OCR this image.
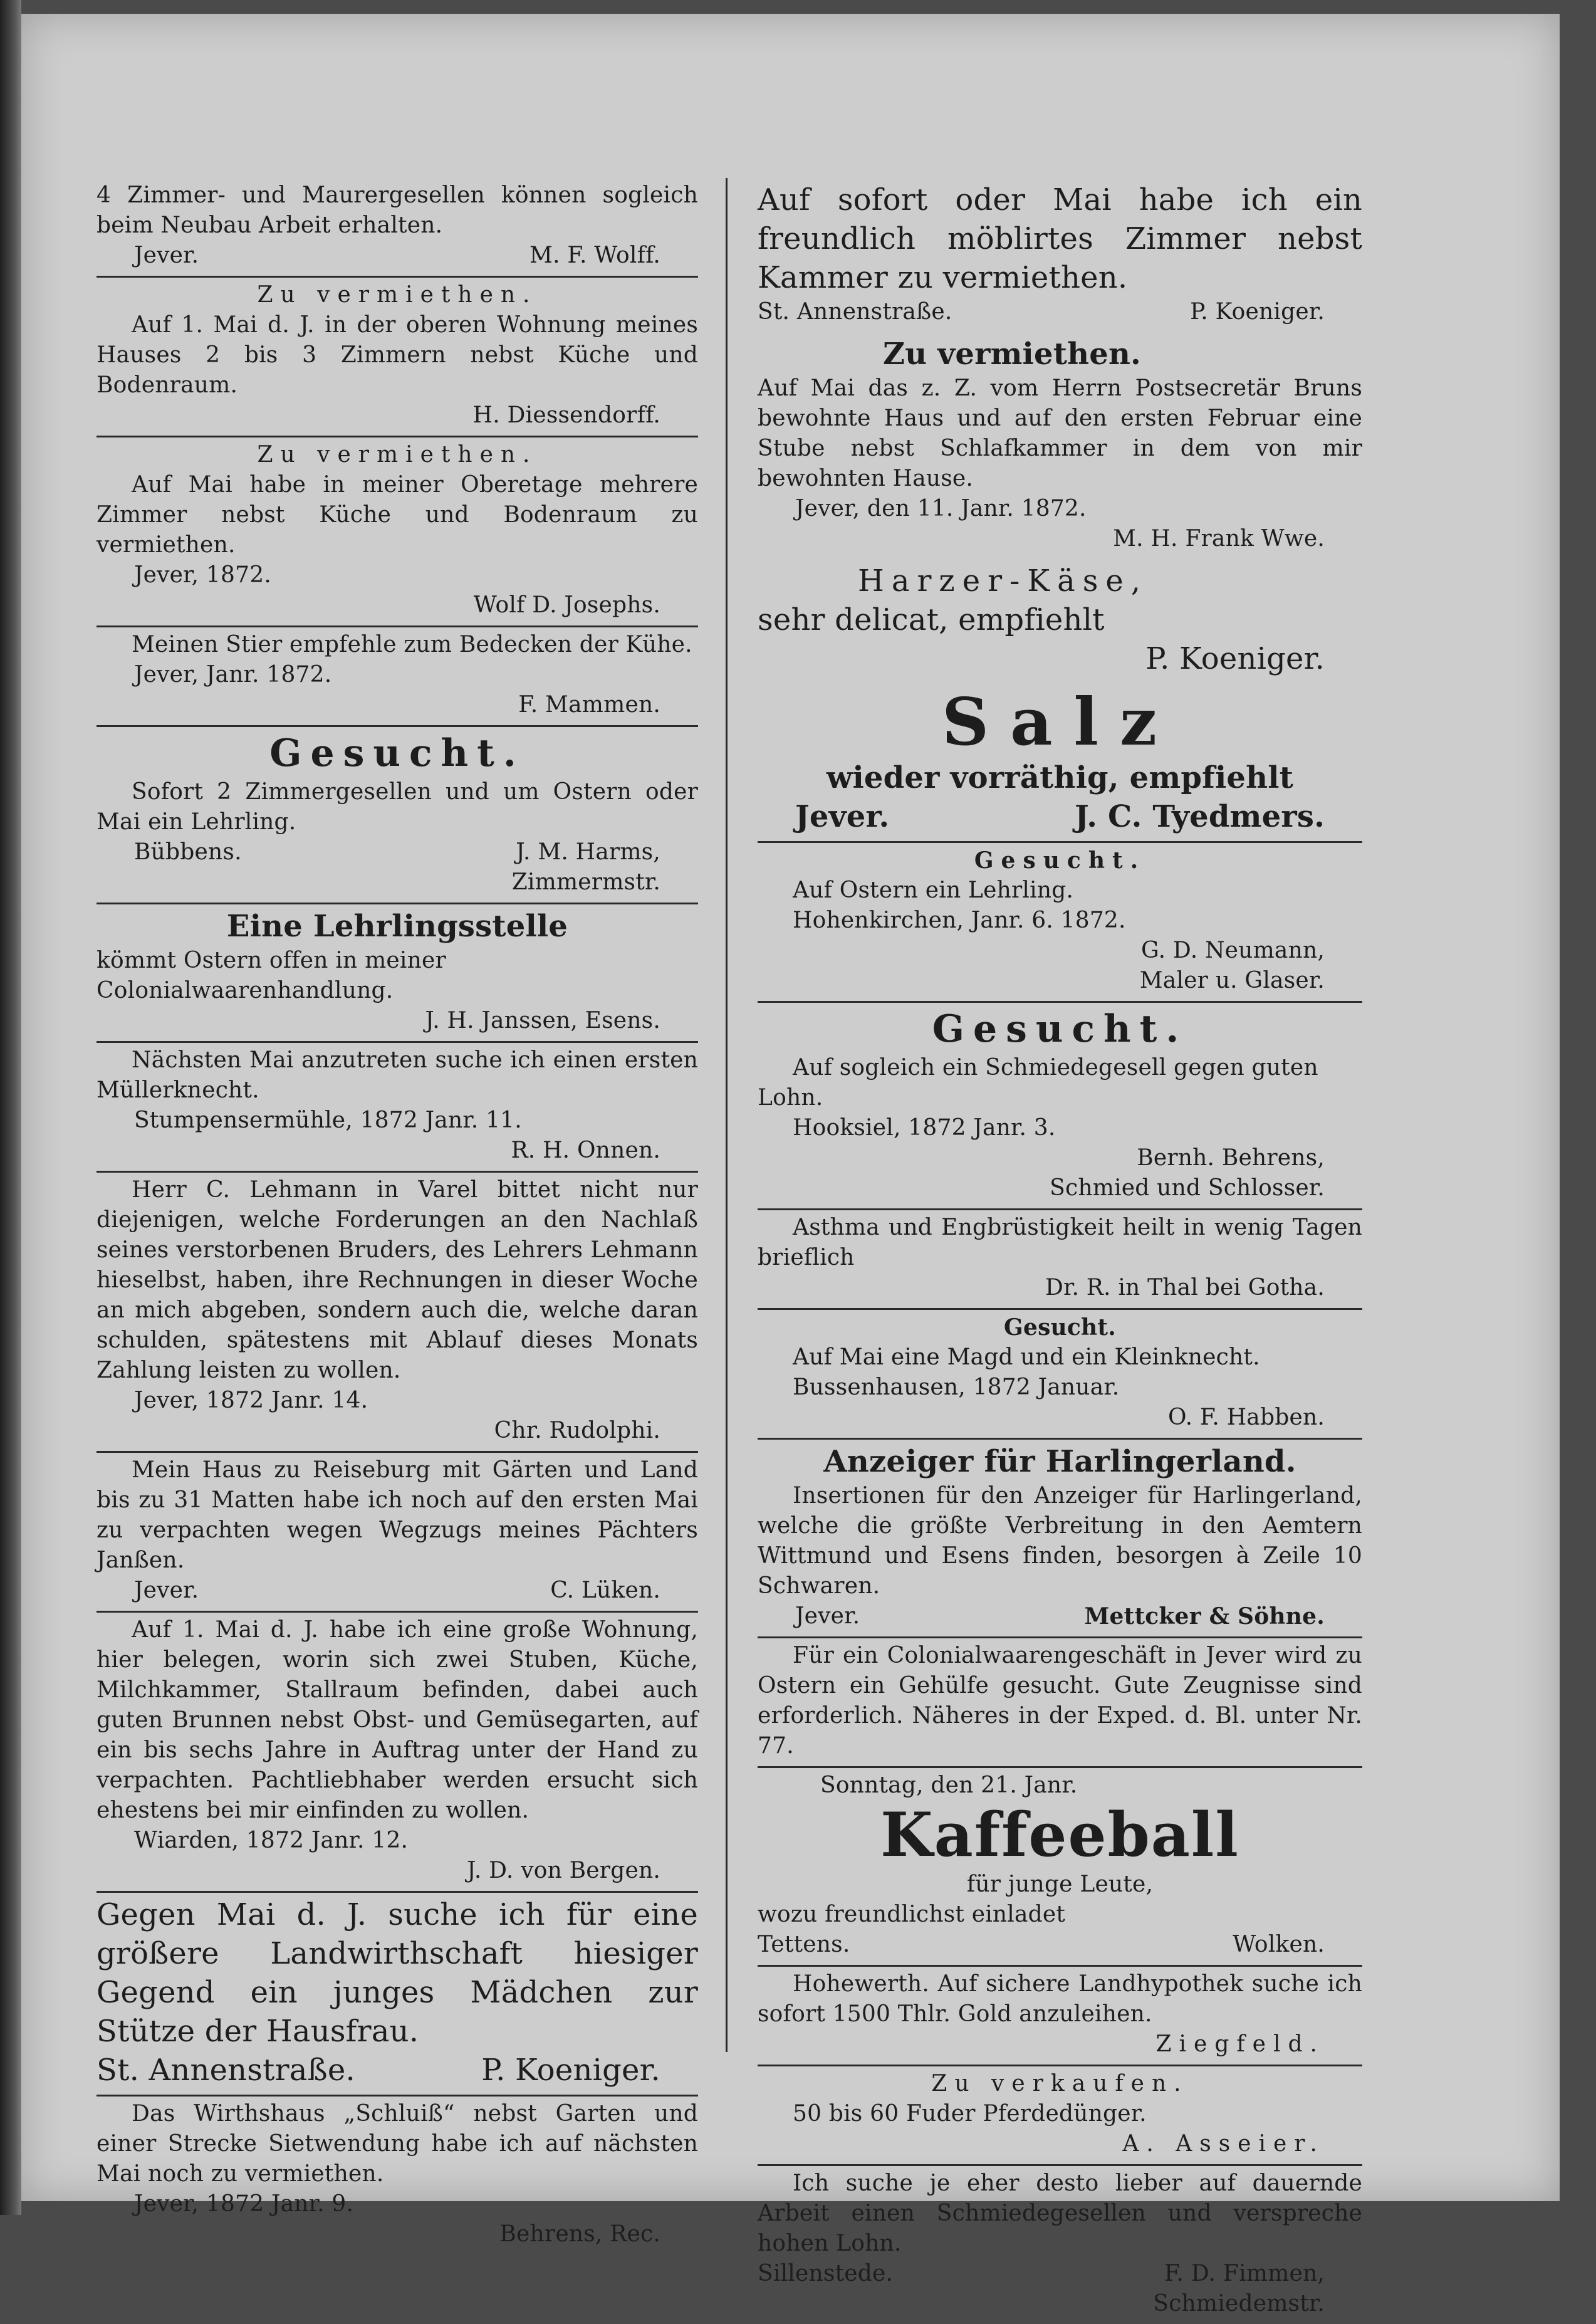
4 Zimmer- und Maurergesellen können sogleich beim Neubau Arbeit erhalten.

Jever.	M. F. Wolff.

Zu vermiethen.

Auf 1. Mai d. J. in der oberen Wohnung meines Hauses 2 bis 3 Zimmern nebst Küche und Bodenraum.

H. Diessendorff.

Zu vermiethen.

Auf Mai habe in meiner Oberetage mehrere Zimmer nebst Küche und Bodenraum zu vermiethen.

Jever, 1872.

Wolf D. Josephs.

Meinen Stier empfehle zum Bedecken der Kühe.

Jever, Janr. 1872.

F. Mammen.

Gesucht.

Sofort 2 Zimmergesellen und um Ostern oder Mai ein Lehrling.

Bübbens.	J. M. Harms,

Zimmermstr.

Eine Lehrlingsstelle

kömmt Ostern offen in meiner Colonialwaarenhandlung.

J. H. Janssen, Esens.

Nächsten Mai anzutreten suche ich einen ersten Müllerknecht.

Stumpensermühle, 1872 Janr. 11.

R. H. Onnen.

Herr C. Lehmann in Varel bittet nicht nur diejenigen, welche Forderungen an den Nachlaß seines verstorbenen Bruders, des Lehrers Lehmann hieselbst, haben, ihre Rechnungen in dieser Woche an mich abgeben, sondern auch die, welche daran schulden, spätestens mit Ablauf dieses Monats Zahlung leisten zu wollen.

Jever, 1872 Janr. 14.

Chr. Rudolphi.

Mein Haus zu Reiseburg mit Gärten und Land bis zu 31 Matten habe ich noch auf den ersten Mai zu verpachten wegen Wegzugs meines Pächters Janßen.

Jever.	C. Lüken.

Auf 1. Mai d. J. habe ich eine große Wohnung, hier belegen, worin sich zwei Stuben, Küche, Milchkammer, Stallraum befinden, dabei auch guten Brunnen nebst Obst- und Gemüsegarten, auf ein bis sechs Jahre in Auftrag unter der Hand zu verpachten. Pachtliebhaber werden ersucht sich ehestens bei mir einfinden zu wollen.

Wiarden, 1872 Janr. 12.

J. D. von Bergen.

Gegen Mai d. J. suche ich für eine größere Landwirthschaft hiesiger Gegend ein junges Mädchen zur Stütze der Hausfrau.

St. Annenstraße.	P. Koeniger.

Das Wirthshaus „Schluiß“ nebst Garten und einer Strecke Sietwendung habe ich auf nächsten Mai noch zu vermiethen.

Jever, 1872 Janr. 9.

Behrens, Rec.

Auf sofort oder Mai habe ich ein freundlich möblirtes Zimmer nebst Kammer zu vermiethen.

St. Annenstraße.	P. Koeniger.

Zu vermiethen.

Auf Mai das z. Z. vom Herrn Postsecretär Bruns bewohnte Haus und auf den ersten Februar eine Stube nebst Schlafkammer in dem von mir bewohnten Hause.

Jever, den 11. Janr. 1872.

M. H. Frank Wwe.

Harzer-Käse,

sehr delicat, empfiehlt

P. Koeniger.

Salz

wieder vorräthig, empfiehlt

Jever.	J. C. Tyedmers.

Gesucht.

Auf Ostern ein Lehrling.

Hohenkirchen, Janr. 6. 1872.

G. D. Neumann,

Maler u. Glaser.

Gesucht.

Auf sogleich ein Schmiedegesell gegen guten Lohn.

Hooksiel, 1872 Janr. 3.

Bernh. Behrens,

Schmied und Schlosser.

Asthma und Engbrüstigkeit heilt in wenig Tagen brieflich

Dr. R. in Thal bei Gotha.

Gesucht.

Auf Mai eine Magd und ein Kleinknecht.

Bussenhausen, 1872 Januar.

O. F. Habben.

Anzeiger für Harlingerland.

Insertionen für den Anzeiger für Harlingerland, welche die größte Verbreitung in den Aemtern Wittmund und Esens finden, besorgen à Zeile 10 Schwaren.

Jever.	Mettcker & Söhne.

Für ein Colonialwaarengeschäft in Jever wird zu Ostern ein Gehülfe gesucht. Gute Zeugnisse sind erforderlich. Näheres in der Exped. d. Bl. unter Nr. 77.

Sonntag, den 21. Janr.

Kaffeeball

für junge Leute,

wozu freundlichst einladet

Tettens.	Wolken.

Hohewerth. Auf sichere Landhypothek suche ich sofort 1500 Thlr. Gold anzuleihen.

Ziegfeld.

Zu verkaufen.

50 bis 60 Fuder Pferdedünger.

A. Asseier.

Ich suche je eher desto lieber auf dauernde Arbeit einen Schmiedegesellen und verspreche hohen Lohn.

Sillenstede.	F. D. Fimmen,

Schmiedemstr.
